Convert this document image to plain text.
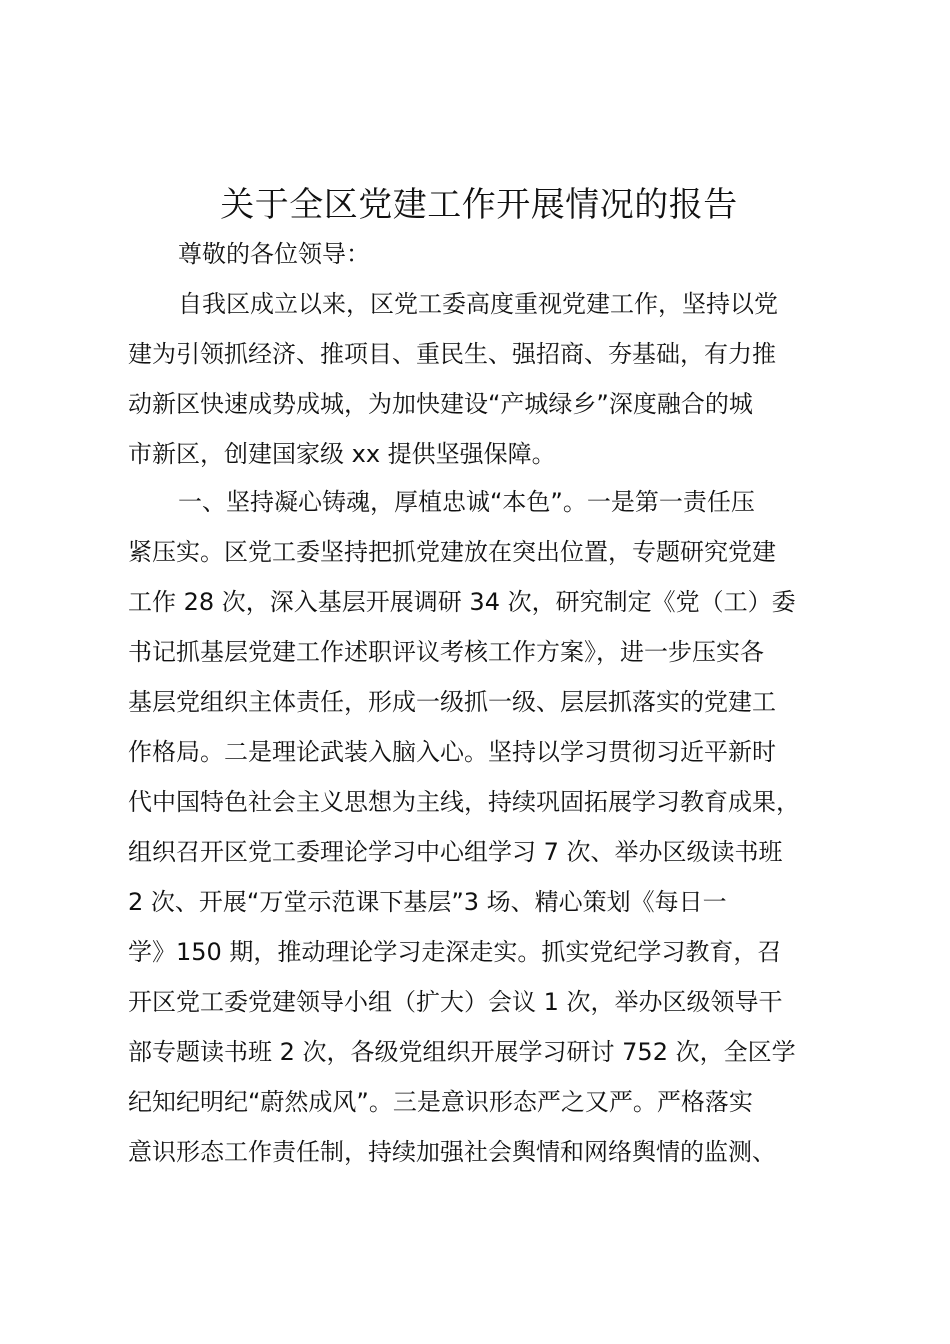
关于全区党建工作开展情况的报告
尊敬的各位领导：
自我区成立以来，区党工委高度重视党建工作，坚持以党
建为引领抓经济、推项目、重民生、强招商、夯基础，有力推
动新区快速成势成城，为加快建设“产城绿乡”深度融合的城
市新区，创建国家级 xx 提供坚强保障。
一、坚持凝心铸魂，厚植忠诚“本色”。一是第一责任压
紧压实。区党工委坚持把抓党建放在突出位置，专题研究党建
工作 28 次，深入基层开展调研 34 次，研究制定《党（工）委
书记抓基层党建工作述职评议考核工作方案》，进一步压实各
基层党组织主体责任，形成一级抓一级、层层抓落实的党建工
作格局。二是理论武装入脑入心。坚持以学习贯彻习近平新时
代中国特色社会主义思想为主线，持续巩固拓展学习教育成果，
组织召开区党工委理论学习中心组学习 7 次、举办区级读书班
2 次、开展“万堂示范课下基层”3 场、精心策划《每日一
学》150 期，推动理论学习走深走实。抓实党纪学习教育，召
开区党工委党建领导小组（扩大）会议 1 次，举办区级领导干
部专题读书班 2 次，各级党组织开展学习研讨 752 次，全区学
纪知纪明纪“蔚然成风”。三是意识形态严之又严。严格落实
意识形态工作责任制，持续加强社会舆情和网络舆情的监测、
